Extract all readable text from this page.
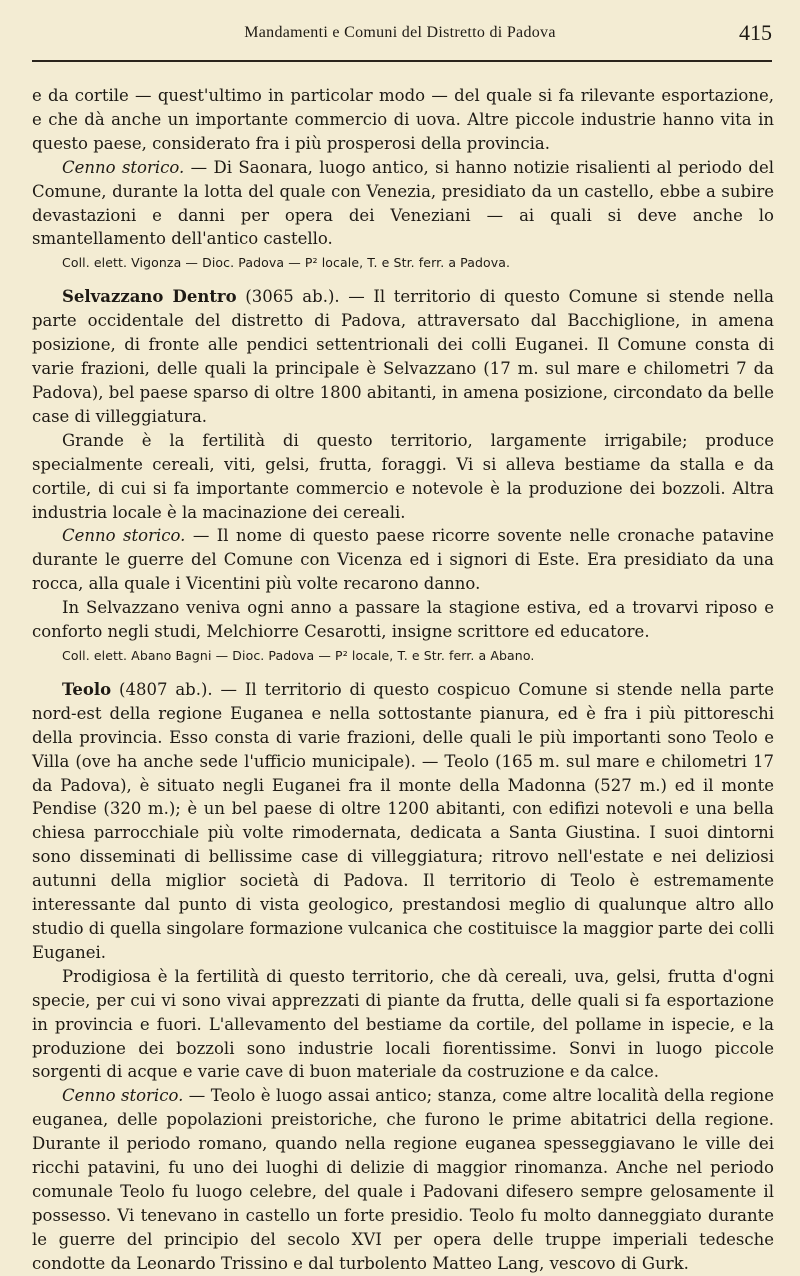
Mandamenti e Comuni del Distretto di Padova	415

e da cortile — quest'ultimo in particolar modo — del quale si fa rilevante esportazione, e che dà anche un importante commercio di uova. Altre piccole industrie hanno vita in questo paese, considerato fra i più prosperosi della provincia.

Cenno storico. — Di Saonara, luogo antico, si hanno notizie risalienti al periodo del Comune, durante la lotta del quale con Venezia, presidiato da un castello, ebbe a subire devastazioni e danni per opera dei Veneziani — ai quali si deve anche lo smantellamento dell'antico castello.

Coll. elett. Vigonza — Dioc. Padova — P² locale, T. e Str. ferr. a Padova.

Selvazzano Dentro (3065 ab.). — Il territorio di questo Comune si stende nella parte occidentale del distretto di Padova, attraversato dal Bacchiglione, in amena posizione, di fronte alle pendici settentrionali dei colli Euganei. Il Comune consta di varie frazioni, delle quali la principale è Selvazzano (17 m. sul mare e chilometri 7 da Padova), bel paese sparso di oltre 1800 abitanti, in amena posizione, circondato da belle case di villeggiatura.

Grande è la fertilità di questo territorio, largamente irrigabile; produce specialmente cereali, viti, gelsi, frutta, foraggi. Vi si alleva bestiame da stalla e da cortile, di cui si fa importante commercio e notevole è la produzione dei bozzoli. Altra industria locale è la macinazione dei cereali.

Cenno storico. — Il nome di questo paese ricorre sovente nelle cronache patavine durante le guerre del Comune con Vicenza ed i signori di Este. Era presidiato da una rocca, alla quale i Vicentini più volte recarono danno.

In Selvazzano veniva ogni anno a passare la stagione estiva, ed a trovarvi riposo e conforto negli studi, Melchiorre Cesarotti, insigne scrittore ed educatore.

Coll. elett. Abano Bagni — Dioc. Padova — P² locale, T. e Str. ferr. a Abano.

Teolo (4807 ab.). — Il territorio di questo cospicuo Comune si stende nella parte nord-est della regione Euganea e nella sottostante pianura, ed è fra i più pittoreschi della provincia. Esso consta di varie frazioni, delle quali le più importanti sono Teolo e Villa (ove ha anche sede l'ufficio municipale). — Teolo (165 m. sul mare e chilometri 17 da Padova), è situato negli Euganei fra il monte della Madonna (527 m.) ed il monte Pendise (320 m.); è un bel paese di oltre 1200 abitanti, con edifizi notevoli e una bella chiesa parrocchiale più volte rimodernata, dedicata a Santa Giustina. I suoi dintorni sono disseminati di bellissime case di villeggiatura; ritrovo nell'estate e nei deliziosi autunni della miglior società di Padova. Il territorio di Teolo è estremamente interessante dal punto di vista geologico, prestandosi meglio di qualunque altro allo studio di quella singolare formazione vulcanica che costituisce la maggior parte dei colli Euganei.

Prodigiosa è la fertilità di questo territorio, che dà cereali, uva, gelsi, frutta d'ogni specie, per cui vi sono vivai apprezzati di piante da frutta, delle quali si fa esportazione in provincia e fuori. L'allevamento del bestiame da cortile, del pollame in ispecie, e la produzione dei bozzoli sono industrie locali fiorentissime. Sonvi in luogo piccole sorgenti di acque e varie cave di buon materiale da costruzione e da calce.

Cenno storico. — Teolo è luogo assai antico; stanza, come altre località della regione euganea, delle popolazioni preistoriche, che furono le prime abitatrici della regione. Durante il periodo romano, quando nella regione euganea spesseggiavano le ville dei ricchi patavini, fu uno dei luoghi di delizie di maggior rinomanza. Anche nel periodo comunale Teolo fu luogo celebre, del quale i Padovani difesero sempre gelosamente il possesso. Vi tenevano in castello un forte presidio. Teolo fu molto danneggiato durante le guerre del principio del secolo XVI per opera delle truppe imperiali tedesche condotte da Leonardo Trissino e dal turbolento Matteo Lang, vescovo di Gurk.
